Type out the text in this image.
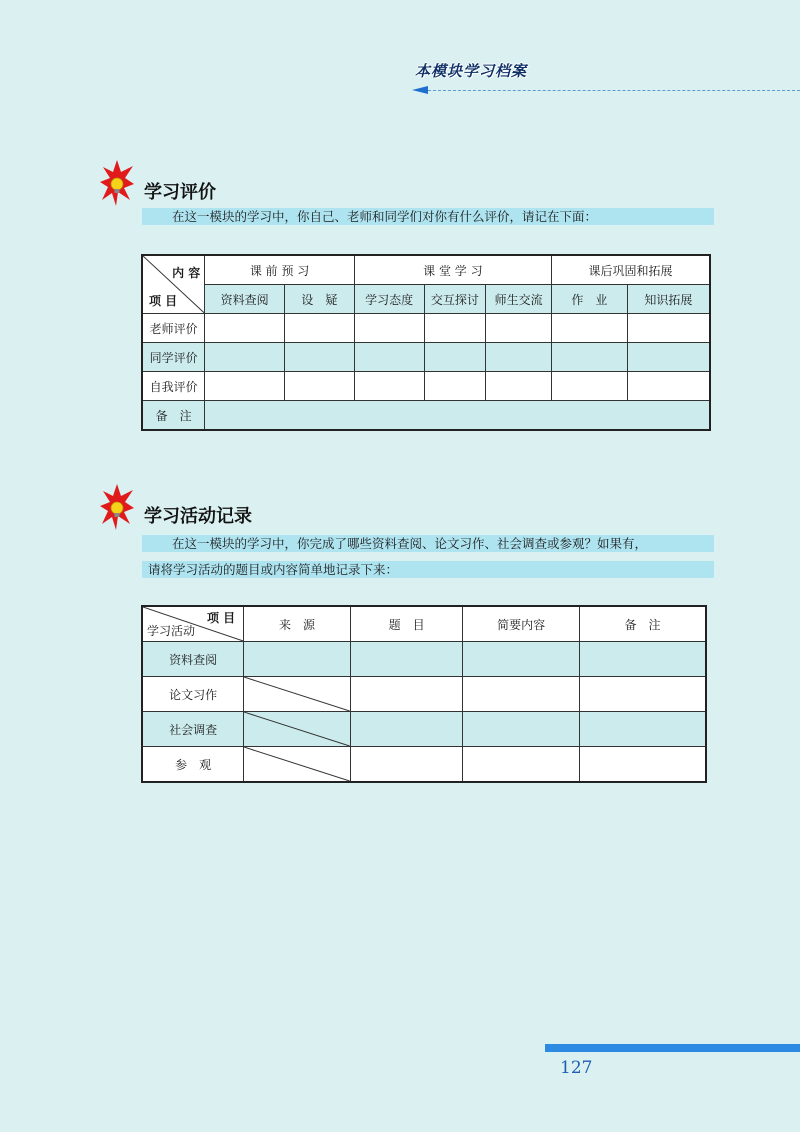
本模块学习档案
学习评价
在这一模块的学习中，你自己、老师和同学们对你有什么评价，请记在下面：
内 容
项 目	课 前 预 习		课 堂 学 习			课后巩固和拓展	
	资料查阅	设　疑	学习态度	交互探讨	师生交流	作　业	知识拓展
老师评价							
同学评价							
自我评价							
备　注							
学习活动记录
在这一模块的学习中，你完成了哪些资料查阅、论文习作、社会调查或参观？如果有，
请将学习活动的题目或内容简单地记录下来：
项 目
学习活动	来　源	题　目	简要内容	备　注
资料查阅				
论文习作	

社会调查	

参　观	

127
